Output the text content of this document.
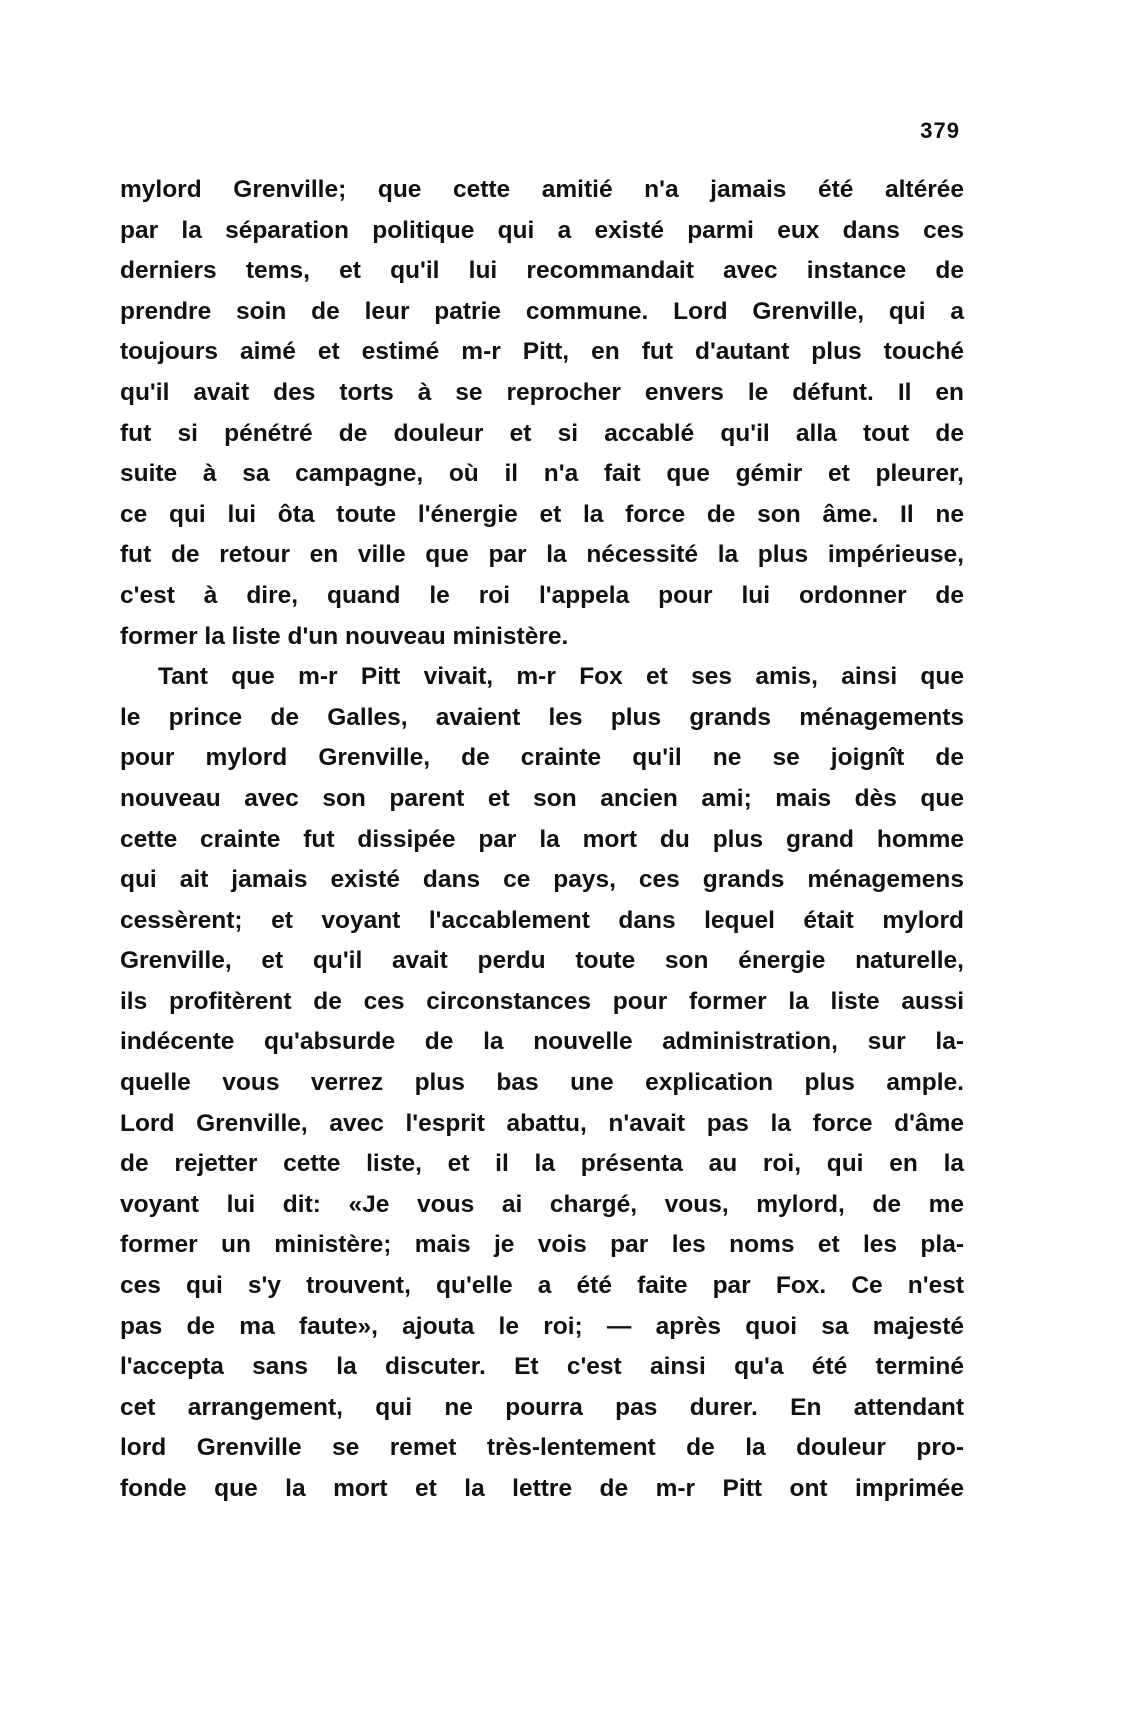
379
mylord Grenville; que cette amitié n'a jamais été altérée
par la séparation politique qui a existé parmi eux dans ces
derniers tems, et qu'il lui recommandait avec instance de
prendre soin de leur patrie commune. Lord Grenville, qui a
toujours aimé et estimé m-r Pitt, en fut d'autant plus touché
qu'il avait des torts à se reprocher envers le défunt. Il en
fut si pénétré de douleur et si accablé qu'il alla tout de
suite à sa campagne, où il n'a fait que gémir et pleurer,
ce qui lui ôta toute l'énergie et la force de son âme. Il ne
fut de retour en ville que par la nécessité la plus impérieuse,
c'est à dire, quand le roi l'appela pour lui ordonner de
former la liste d'un nouveau ministère.
Tant que m-r Pitt vivait, m-r Fox et ses amis, ainsi que
le prince de Galles, avaient les plus grands ménagements
pour mylord Grenville, de crainte qu'il ne se joignît de
nouveau avec son parent et son ancien ami; mais dès que
cette crainte fut dissipée par la mort du plus grand homme
qui ait jamais existé dans ce pays, ces grands ménagemens
cessèrent; et voyant l'accablement dans lequel était mylord
Grenville, et qu'il avait perdu toute son énergie naturelle,
ils profitèrent de ces circonstances pour former la liste aussi
indécente qu'absurde de la nouvelle administration, sur la-
quelle vous verrez plus bas une explication plus ample.
Lord Grenville, avec l'esprit abattu, n'avait pas la force d'âme
de rejetter cette liste, et il la présenta au roi, qui en la
voyant lui dit: «Je vous ai chargé, vous, mylord, de me
former un ministère; mais je vois par les noms et les pla-
ces qui s'y trouvent, qu'elle a été faite par Fox. Ce n'est
pas de ma faute», ajouta le roi; — après quoi sa majesté
l'accepta sans la discuter. Et c'est ainsi qu'a été terminé
cet arrangement, qui ne pourra pas durer. En attendant
lord Grenville se remet très-lentement de la douleur pro-
fonde que la mort et la lettre de m-r Pitt ont imprimée
